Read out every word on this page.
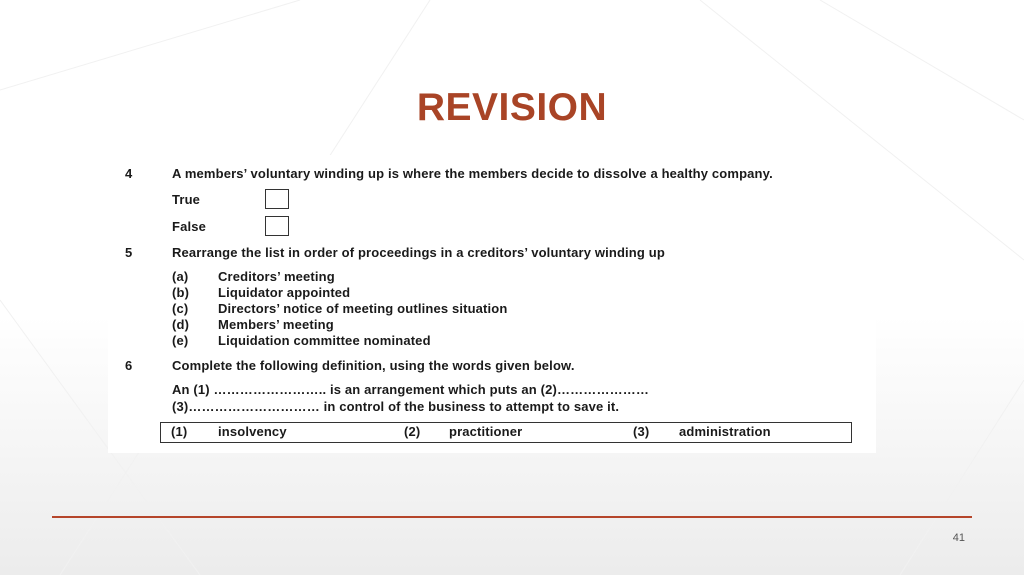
REVISION
4	A members’ voluntary winding up is where the members decide to dissolve a healthy company.
True
False
5	Rearrange the list in order of proceedings in a creditors’ voluntary winding up
(a) Creditors’ meeting
(b) Liquidator appointed
(c) Directors’ notice of meeting outlines situation
(d) Members’ meeting
(e) Liquidation committee nominated
6	Complete the following definition, using the words given below.
An (1) …………………….. is an arrangement which puts an (2)…………………
(3)………………………… in control of the business to attempt to save it.
(1) insolvency	(2) practitioner	(3) administration
41
